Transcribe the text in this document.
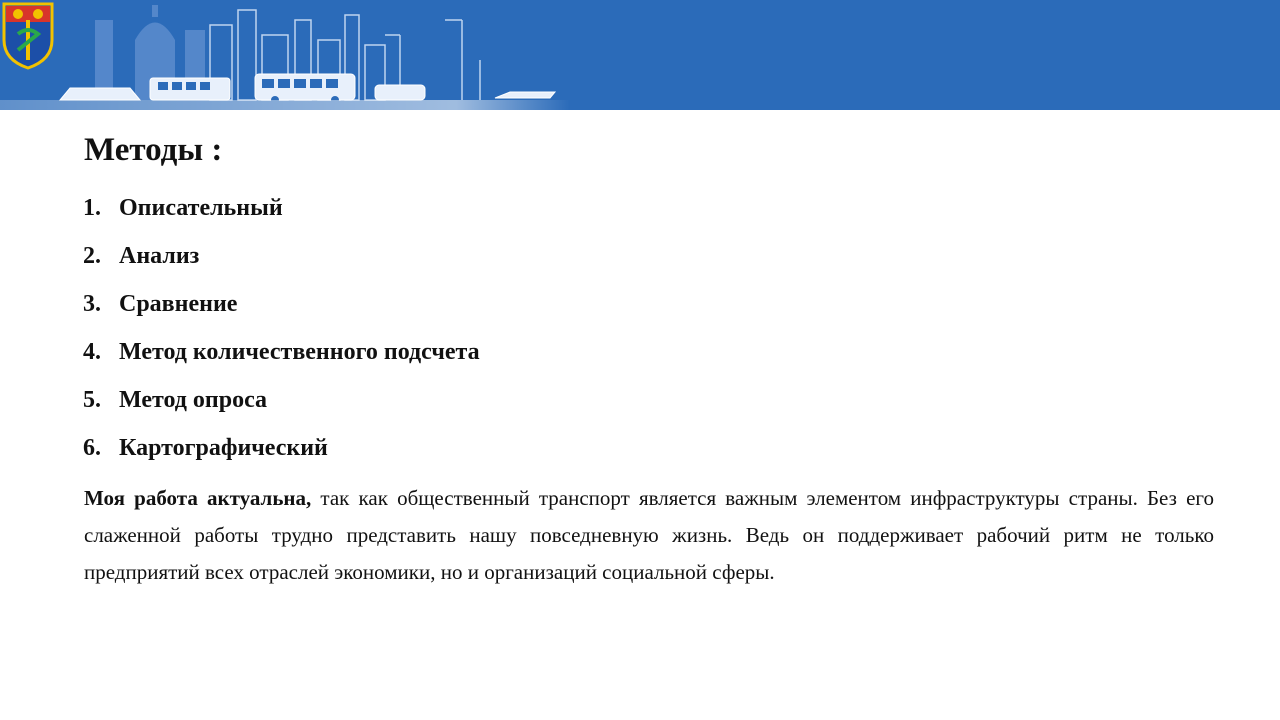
Методы :
1. Описательный
2. Анализ
3. Сравнение
4. Метод количественного подсчета
5. Метод опроса
6. Картографический

Моя работа актуальна, так как общественный транспорт является важным элементом инфраструктуры страны. Без его слаженной работы трудно представить нашу повседневную жизнь. Ведь он поддерживает рабочий ритм не только предприятий всех отраслей экономики, но и организаций социальной сферы.
